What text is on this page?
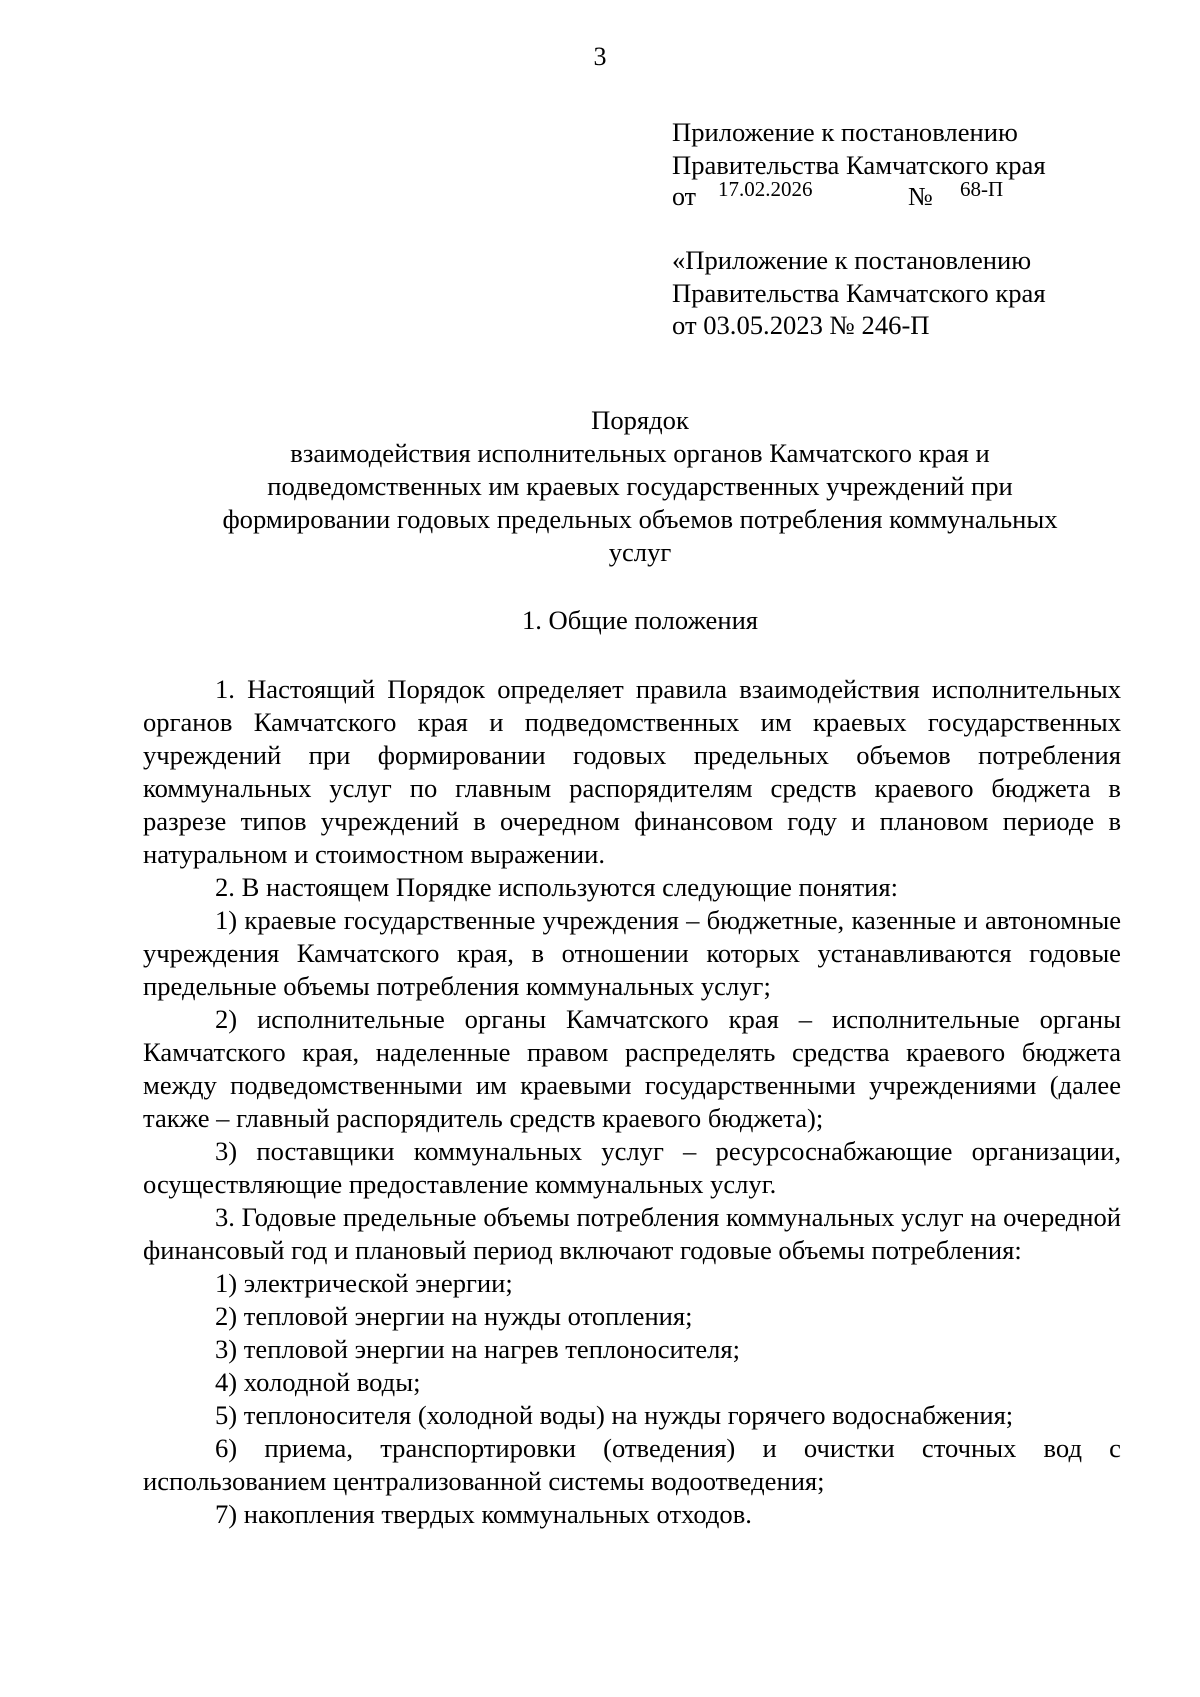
3
Приложение к постановлению
Правительства Камчатского края
от 17.02.2026	№ 68-П
«Приложение к постановлению
Правительства Камчатского края
от 03.05.2023 № 246-П
Порядок
взаимодействия исполнительных органов Камчатского края и
подведомственных им краевых государственных учреждений при
формировании годовых предельных объемов потребления коммунальных
услуг
1. Общие положения

1. Настоящий Порядок определяет правила взаимодействия исполнительных органов Камчатского края и подведомственных им краевых государственных учреждений при формировании годовых предельных объемов потребления коммунальных услуг по главным распорядителям средств краевого бюджета в разрезе типов учреждений в очередном финансовом году и плановом периоде в натуральном и стоимостном выражении.

2. В настоящем Порядке используются следующие понятия:

1) краевые государственные учреждения – бюджетные, казенные и автономные учреждения Камчатского края, в отношении которых устанавливаются годовые предельные объемы потребления коммунальных услуг;

2) исполнительные органы Камчатского края – исполнительные органы Камчатского края, наделенные правом распределять средства краевого бюджета между подведомственными им краевыми государственными учреждениями (далее также – главный распорядитель средств краевого бюджета);

3) поставщики коммунальных услуг – ресурсоснабжающие организации, осуществляющие предоставление коммунальных услуг.

3. Годовые предельные объемы потребления коммунальных услуг на очередной финансовый год и плановый период включают годовые объемы потребления:

1) электрической энергии;

2) тепловой энергии на нужды отопления;

3) тепловой энергии на нагрев теплоносителя;

4) холодной воды;

5) теплоносителя (холодной воды) на нужды горячего водоснабжения;

6) приема, транспортировки (отведения) и очистки сточных вод с использованием централизованной системы водоотведения;

7) накопления твердых коммунальных отходов.
